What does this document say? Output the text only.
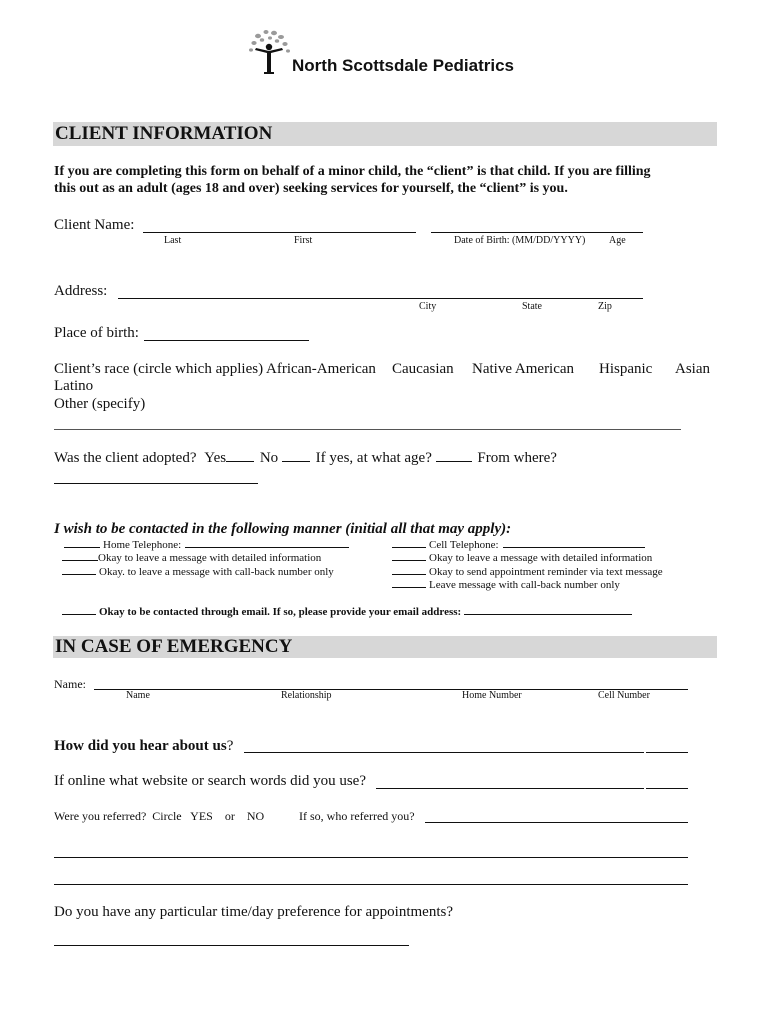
North Scottsdale Pediatrics
CLIENT INFORMATION
If you are completing this form on behalf of a minor child, the “client” is that child. If you are filling
this out as an adult (ages 18 and over) seeking services for yourself, the “client” is you.
Client Name:
Last	First	Date of Birth: (MM/DD/YYYY) Age
Address:
City	State	Zip
Place of birth:
Client’s race (circle which applies) African-American Caucasian Native American Hispanic Asian
Latino
Other (specify)
Was the client adopted? Yes No	If yes, at what age?	From where?
I wish to be contacted in the following manner (initial all that may apply):
Home Telephone:
Okay to leave a message with detailed information
Okay. to leave a message with call-back number only
Cell Telephone:
Okay to leave a message with detailed information
Okay to send appointment reminder via text message
Leave message with call-back number only
Okay to be contacted through email. If so, please provide your email address:
IN CASE OF EMERGENCY
Name:
Name	Relationship	Home Number	Cell Number
How did you hear about us?
If online what website or search words did you use?
Were you referred?  Circle   YES    or    NO	If so, who referred you?
Do you have any particular time/day preference for appointments?
